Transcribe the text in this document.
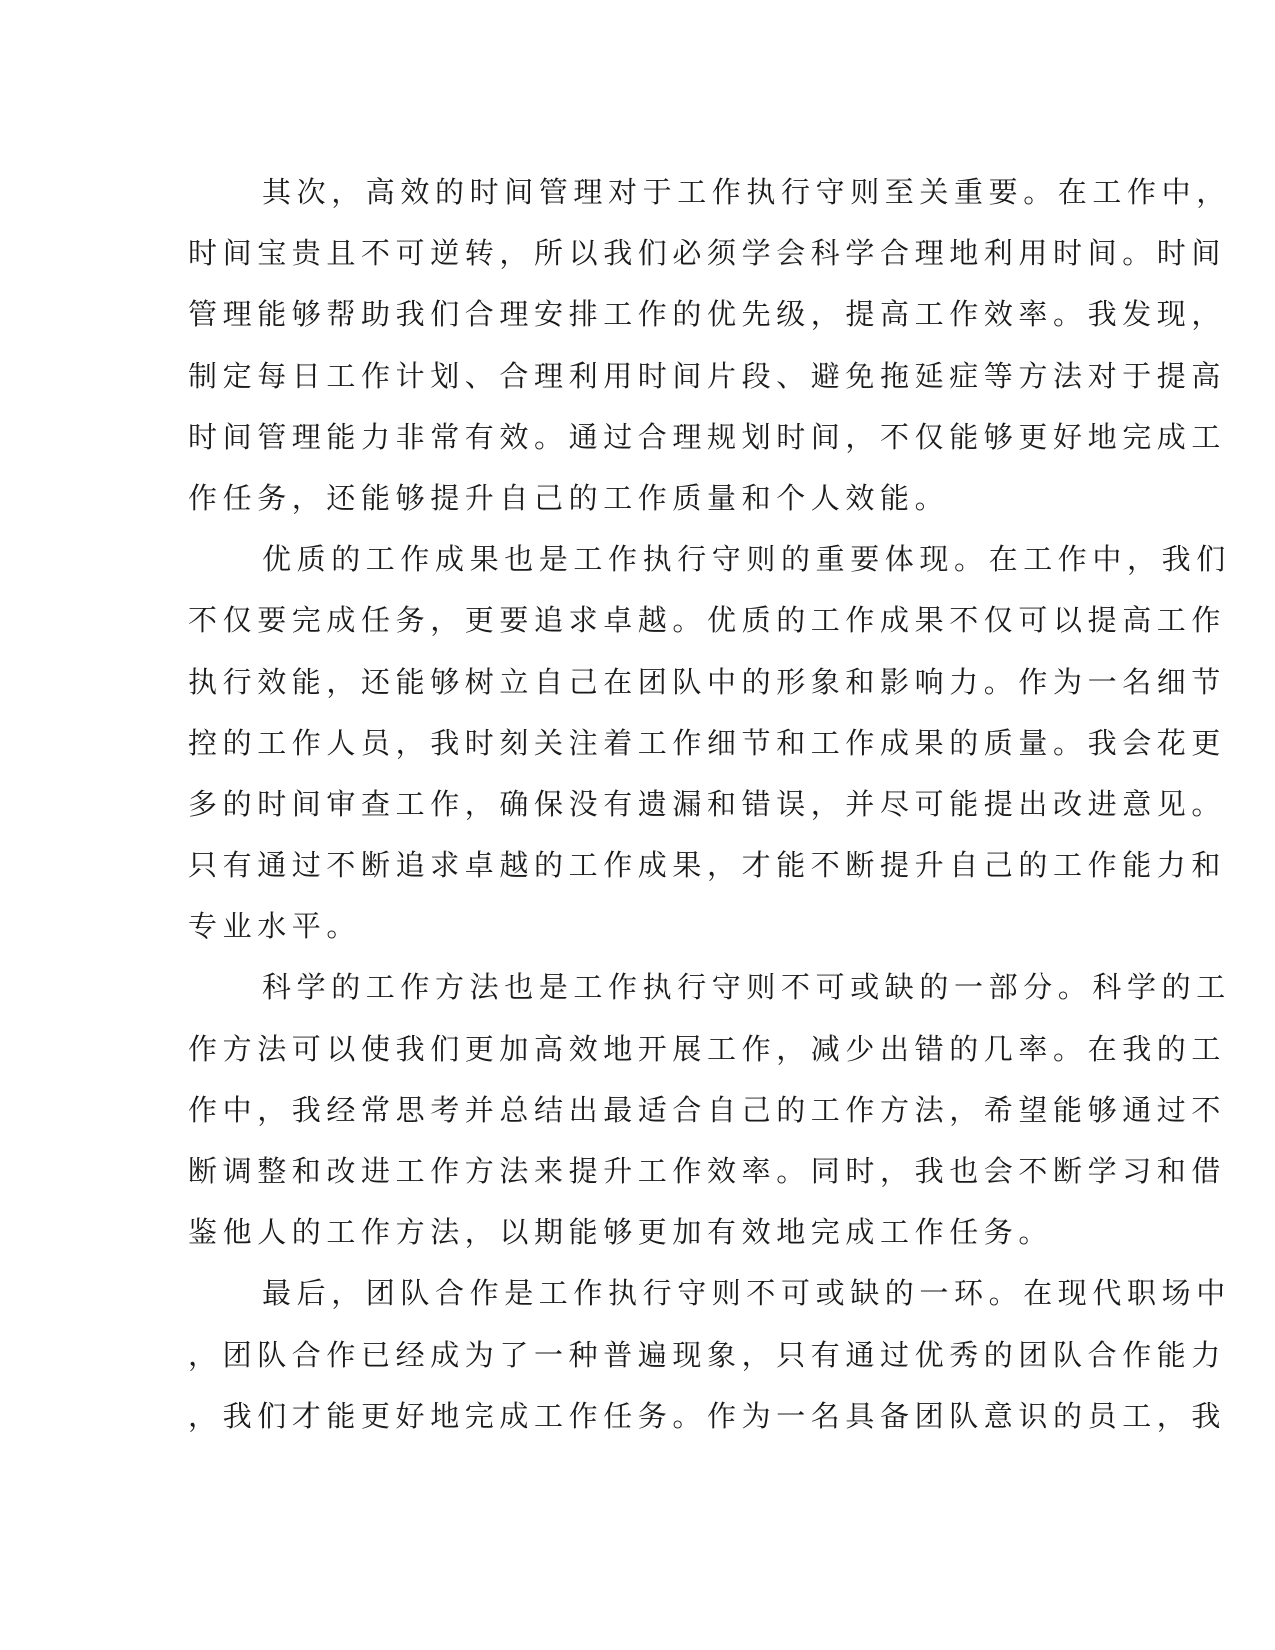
其次，高效的时间管理对于工作执行守则至关重要。在工作中，
时间宝贵且不可逆转，所以我们必须学会科学合理地利用时间。时间
管理能够帮助我们合理安排工作的优先级，提高工作效率。我发现，
制定每日工作计划、合理利用时间片段、避免拖延症等方法对于提高
时间管理能力非常有效。通过合理规划时间，不仅能够更好地完成工
作任务，还能够提升自己的工作质量和个人效能。
优质的工作成果也是工作执行守则的重要体现。在工作中，我们
不仅要完成任务，更要追求卓越。优质的工作成果不仅可以提高工作
执行效能，还能够树立自己在团队中的形象和影响力。作为一名细节
控的工作人员，我时刻关注着工作细节和工作成果的质量。我会花更
多的时间审查工作，确保没有遗漏和错误，并尽可能提出改进意见。
只有通过不断追求卓越的工作成果，才能不断提升自己的工作能力和
专业水平。
科学的工作方法也是工作执行守则不可或缺的一部分。科学的工
作方法可以使我们更加高效地开展工作，减少出错的几率。在我的工
作中，我经常思考并总结出最适合自己的工作方法，希望能够通过不
断调整和改进工作方法来提升工作效率。同时，我也会不断学习和借
鉴他人的工作方法，以期能够更加有效地完成工作任务。
最后，团队合作是工作执行守则不可或缺的一环。在现代职场中
，团队合作已经成为了一种普遍现象，只有通过优秀的团队合作能力
，我们才能更好地完成工作任务。作为一名具备团队意识的员工，我
